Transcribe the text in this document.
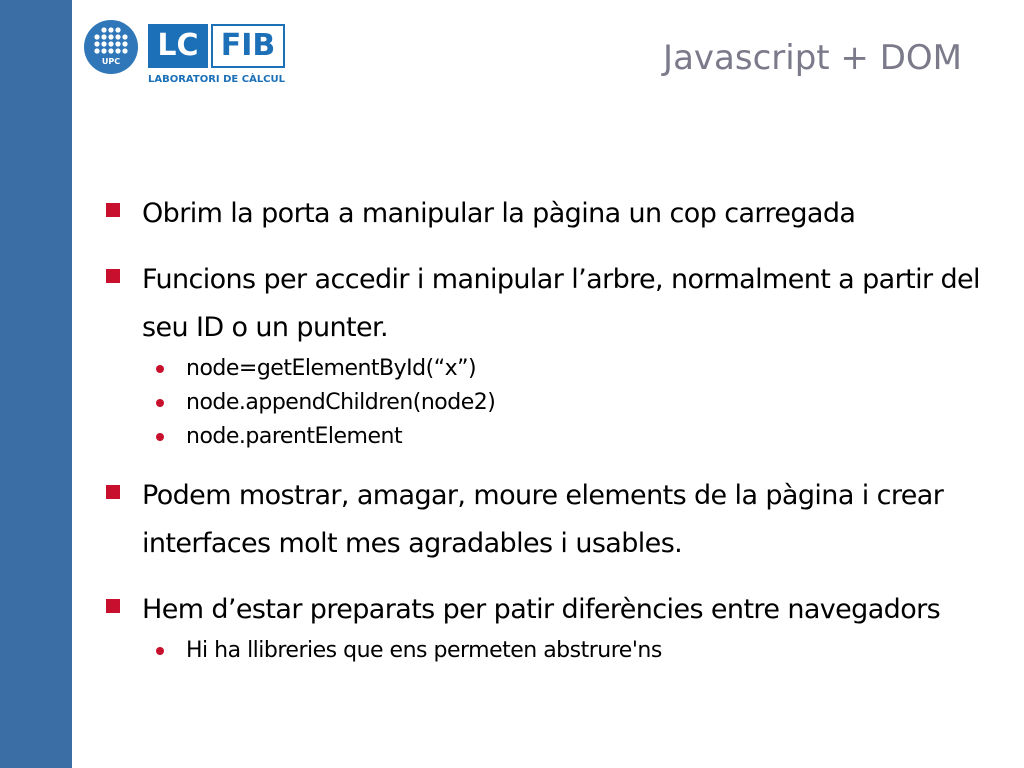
UPC	LC FIB
LABORATORI DE CÀLCUL
Javascript + DOM
Obrim la porta a manipular la pàgina un cop carregada
Funcions per accedir i manipular l’arbre, normalment a partir del seu ID o un punter.
node=getElementById(“x”)
node.appendChildren(node2)
node.parentElement
Podem mostrar, amagar, moure elements de la pàgina i crear interfaces molt mes agradables i usables.
Hem d’estar preparats per patir diferències entre navegadors
Hi ha llibreries que ens permeten abstrure'ns
